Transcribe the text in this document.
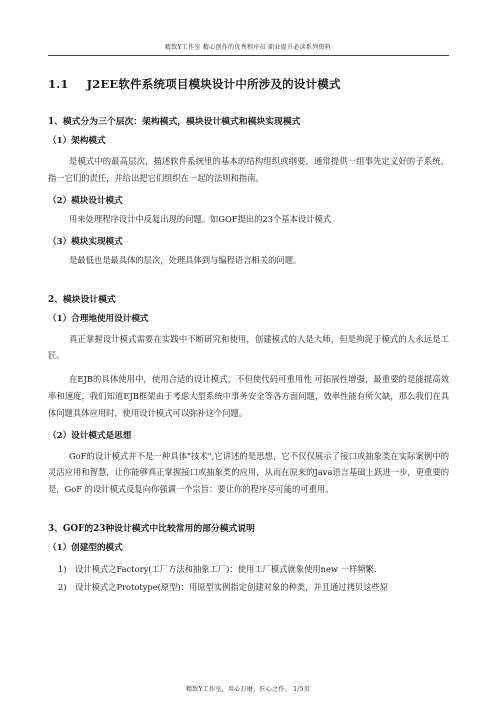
精致Y工作室 精心创作的优秀程序员 职业提升必读系列资料
1.1 J2EE软件系统项目模块设计中所涉及的设计模式
1、模式分为三个层次：架构模式，模块设计模式和模块实现模式
（1）架构模式

是模式中的最高层次，描述软件系统里的基本的结构组织或纲要，通常提供一组事先定义好的子系统，指一它们的责任，并给出把它们组织在一起的法则和指南。

（2）模块设计模式

用来处理程序设计中反复出现的问题。如GOF提出的23个基本设计模式

（3）模块实现模式

是最低也是最具体的层次，处理具体到与编程语言相关的问题。

2、模块设计模式
（1）合理地使用设计模式

真正掌握设计模式需要在实践中不断研究和使用，创建模式的人是大师，但是拘泥于模式的人永远是工匠。

在EJB的具体使用中，使用合适的设计模式，不但使代码可重用性 可拓展性增强，最重要的是能提高效率和速度，我们知道EJB框架由于考虑大型系统中事务安全等各方面问题，效率性能有所欠缺，那么我们在具体问题具体应用时，使用设计模式可以弥补这个问题。

（2）设计模式是思想

GoF的设计模式并不是一种具体"技术",它讲述的是思想，它不仅仅展示了接口或抽象类在实际案例中的灵活应用和智慧，让你能够真正掌握接口或抽象类的应用，从而在原来的Java语言基础上跃进一步，更重要的是，GoF 的设计模式反复向你强调一个宗旨：要让你的程序尽可能的可重用。

3、GOF的23种设计模式中比较常用的部分模式说明
（1）创建型的模式
1) 设计模式之Factory(工厂方法和抽象工厂)：使用工厂模式就象使用new 一样频繁.
2) 设计模式之Prototype(原型)：用原型实例指定创建对象的种类，并且通过拷贝这些原
精致Y工作室，用心打磨，匠心之作。 1/5页
